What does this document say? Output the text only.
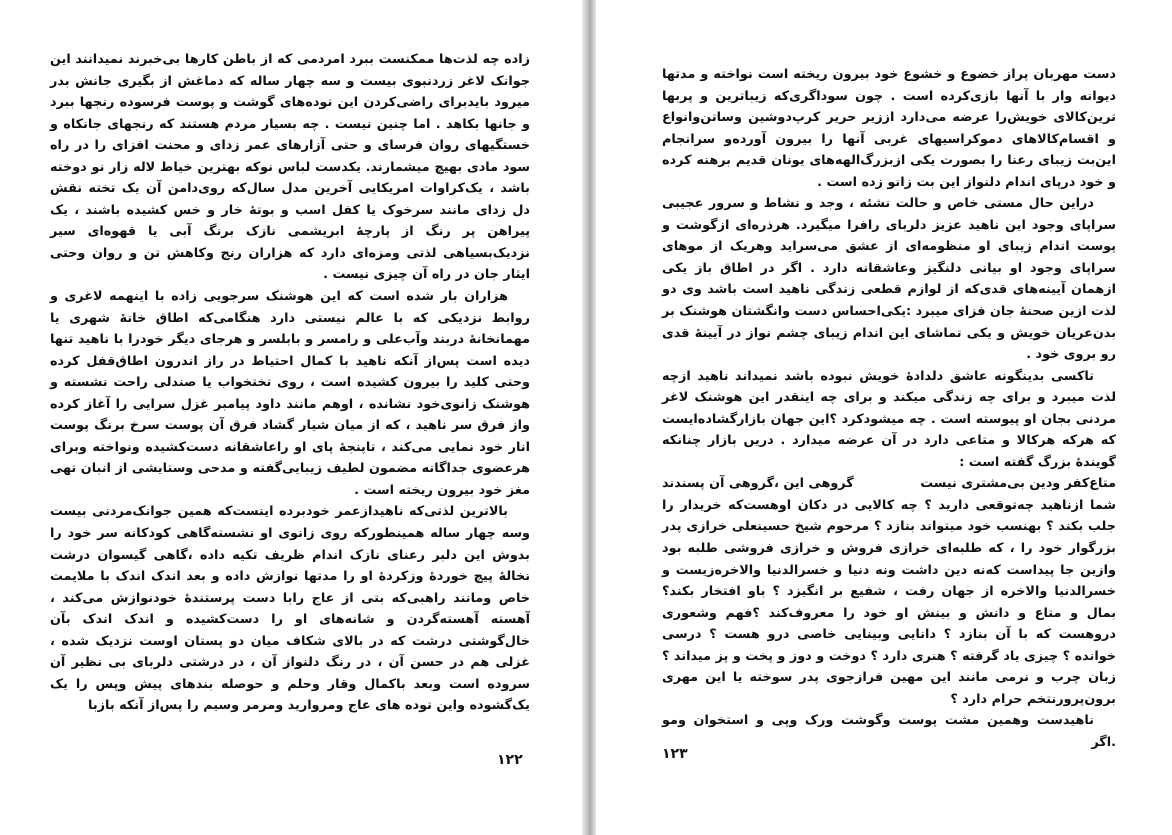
زاده چه لذت‌ها ممکنست ببرد امردمی که از باطن کارها بی‌خبرند نمیدانند این جوانک لاغر زردنبوی بیست و سه چهار ساله که دماغش از بگیری جانش بدر میرود بایدبرای راضی‌کردن این توده‌های گوشت و پوست فرسوده رنجها ببرد و جانها بکاهد . اما چنین نیست . چه بسیار مردم هستند که رنجهای جانکاه و خستگیهای روان فرسای و حتی آزارهای عمر زدای و محنت افزای را در راه سود مادی بهیچ میشمارند. یکدست لباس نوکه بهترین خیاط لاله زار نو دوخته باشد ، یک‌کراوات امریکایی آخرین مدل سال‌که روی‌دامن آن یک تخته نقش دل زدای مانند سرخوک یا کفل اسب و بوتهٔ خار و خس کشیده باشند ، یک پیراهن پر رنگ از پارچهٔ ابریشمی نازک برنگ آبی یا قهوه‌ای سیر نزدیک‌بسیاهی لذتی ومزه‌ای دارد که هزاران رنج وکاهش تن و روان وحتی ایثار جان در راه آن چیزی نیست .

هزاران بار شده است که این هوشنک سرجویی زاده با اینهمه لاغری و روابط نزدیکی که با عالم نیستی دارد هنگامی‌که اطاق خانهٔ شهری یا مهمانخانهٔ دربند وآب‌علی و رامسر و بابلسر و هرجای دیگر خودرا با ناهید تنها دیده است پس‌از آنکه ناهید با کمال احتیاط در راز اندرون اطاق‌قفل کرده وحتی کلید را بیرون کشیده است ، روی تختخواب یا صندلی راحت نشسته و هوشنک زانوی‌خود نشانده ، اوهم مانند داود پیامبر غزل سرایی را آغاز کرده واز فرق سر ناهید ، که از میان شیار گشاد فرق آن پوست سرخ برنگ پوست انار خود نمایی می‌کند ، تاپنجهٔ پای او راعاشقانه دست‌کشیده ونواخته وبرای هرعضوی جداگانه مضمون لطیف زیبایی‌گفته و مدحی وستایشی از انبان تهی مغز خود بیرون ریخته است .

بالاترین لذتی‌که ناهیدازعمر خودبرده اینست‌که همین جوانک‌مردنی بیست وسه چهار ساله همینطورکه روی زانوی او نشسته‌گاهی کودکانه سر خود را بدوش این دلبر رعنای نازک اندام ظریف تکیه داده ،گاهی گیسوان درشت نخالهٔ پیچ خوردهٔ وزکردهٔ او را مدتها نوازش داده و بعد اندک اندک با ملایمت خاص ومانند راهبی‌که بتی از عاج رابا دست پرستندهٔ خودنوازش می‌کند ، آهسته آهسته‌گردن و شانه‌های او را دست‌کشیده و اندک اندک بآن خال‌گوشتی درشت که در بالای شکاف میان دو پستان اوست نزدیک شده ، غزلی هم در حسن آن ، در رنگ دلنواز آن ، در درشتی دلربای بی نظیر آن سروده است وبعد باکمال وقار وحلم و حوصله بندهای پیش وپس را یک یک‌گشوده واین توده های عاج ومروارید ومرمر وسیم را پس‌از آنکه بازبا

۱۲۲

دست مهربان پراز خضوع و خشوع خود بیرون ریخته است نواخته و مدتها دیوانه وار با آنها بازی‌کرده است . چون سوداگری‌که زیباترین و پربها ترین‌کالای خویش‌را عرضه می‌دارد اززیر حریر کرپ‌دوشین وساتن‌وانواع و اقسام‌کالاهای دموکراسیهای غربی آنها را بیرون آورده‌و سرانجام این‌بت زیبای رعنا را بصورت یکی ازبزرگ‌الهه‌های یونان قدیم برهنه کرده و خود درپای اندام دلنواز این بت زانو زده است .

دراین حال مستی خاص و حالت نشئه ، وجد و نشاط و سرور عجیبی سراپای وجود این ناهید عزیز دلربای رافرا میگیرد. هرذره‌ای ازگوشت و پوست اندام زیبای او منظومه‌ای از عشق می‌سراید وهریک از موهای سراپای وجود او بیانی دلنگیز وعاشقانه دارد . اگر در اطاق باز یکی ازهمان آیینه‌های قدی‌که از لوازم قطعی زندگی ناهید است باشد وی دو لذت ازین صحنهٔ جان فزای میبرد :یکی‌احساس دست وانگشتان هوشنک بر بدن‌عریان خویش و یکی تماشای این اندام زیبای چشم نواز در آیینهٔ قدی رو بروی خود .

تاکسی بدینگونه عاشق دلدادهٔ خویش نبوده باشد نمیداند ناهید ازچه لذت میبرد و برای چه زندگی میکند و برای چه اینقدر این هوشنک لاغر مردنی بجان او پیوسته است . چه میشود‌کرد ؟این جهان بازارگشاده‌ایست که هرکه هرکالا و متاعی دارد در آن عرضه میدارد . دریں بازار چنانکه گویندهٔ بزرگ گفته است :

متاع‌کفر ودین بی‌مشتری نیست
گروهی این ،گروهی آن پسندند

شما ازناهید چه‌توقعی دارید ؟ چه کالایی در دکان اوهست‌که خریدار را جلب بکند ؟ بهنسب خود میتواند بنازد ؟ مرحوم شیخ حسینعلی خرازی پدر بزرگوار خود را ، که طلبه‌ای خرازی فروش و خرازی فروشی طلبه بود وازین جا پیداست که‌نه دین داشت ونه دنیا و خسرالدنیا والاخره‌زیست و خسرالدنیا والاخره از جهان رفت ، شفیع بر انگیزد ؟ باو افتخار بکند؟ بمال و متاع و دانش و بینش او خود را معروف‌کند ؟فهم وشعوری دروهست که با آن بنازد ؟ دانایی وبینایی خاصی درو هست ؟ درسی خوانده ؟ چیزی یاد گرفته ؟ هنری دارد ؟ دوخت و دوز و پخت و پز میداند ؟ زبان چرب و نرمی مانند این مهین فرازجوی پدر سوخته یا این مهری برون‌پرورنتخم حرام دارد ؟

ناهیدست وهمین مشت پوست وگوشت ورک وپی و استخوان ومو .اگر

۱۲۳
